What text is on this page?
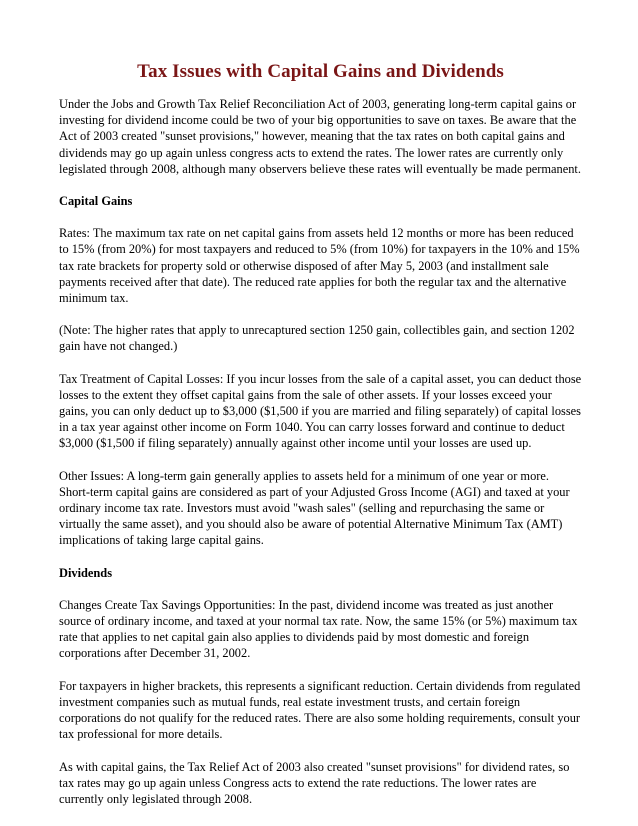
Tax Issues with Capital Gains and Dividends

Under the Jobs and Growth Tax Relief Reconciliation Act of 2003, generating long-term capital gains or investing for dividend income could be two of your big opportunities to save on taxes. Be aware that the Act of 2003 created "sunset provisions," however, meaning that the tax rates on both capital gains and dividends may go up again unless congress acts to extend the rates. The lower rates are currently only legislated through 2008, although many observers believe these rates will eventually be made permanent.

Capital Gains

Rates: The maximum tax rate on net capital gains from assets held 12 months or more has been reduced to 15% (from 20%) for most taxpayers and reduced to 5% (from 10%) for taxpayers in the 10% and 15% tax rate brackets for property sold or otherwise disposed of after May 5, 2003 (and installment sale payments received after that date). The reduced rate applies for both the regular tax and the alternative minimum tax.

(Note: The higher rates that apply to unrecaptured section 1250 gain, collectibles gain, and section 1202 gain have not changed.)

Tax Treatment of Capital Losses: If you incur losses from the sale of a capital asset, you can deduct those losses to the extent they offset capital gains from the sale of other assets. If your losses exceed your gains, you can only deduct up to $3,000 ($1,500 if you are married and filing separately) of capital losses in a tax year against other income on Form 1040. You can carry losses forward and continue to deduct $3,000 ($1,500 if filing separately) annually against other income until your losses are used up.

Other Issues: A long-term gain generally applies to assets held for a minimum of one year or more. Short-term capital gains are considered as part of your Adjusted Gross Income (AGI) and taxed at your ordinary income tax rate. Investors must avoid "wash sales" (selling and repurchasing the same or virtually the same asset), and you should also be aware of potential Alternative Minimum Tax (AMT) implications of taking large capital gains.

Dividends

Changes Create Tax Savings Opportunities: In the past, dividend income was treated as just another source of ordinary income, and taxed at your normal tax rate. Now, the same 15% (or 5%) maximum tax rate that applies to net capital gain also applies to dividends paid by most domestic and foreign corporations after December 31, 2002.

For taxpayers in higher brackets, this represents a significant reduction. Certain dividends from regulated investment companies such as mutual funds, real estate investment trusts, and certain foreign corporations do not qualify for the reduced rates. There are also some holding requirements, consult your tax professional for more details.

As with capital gains, the Tax Relief Act of 2003 also created "sunset provisions" for dividend rates, so tax rates may go up again unless Congress acts to extend the rate reductions. The lower rates are currently only legislated through 2008.
